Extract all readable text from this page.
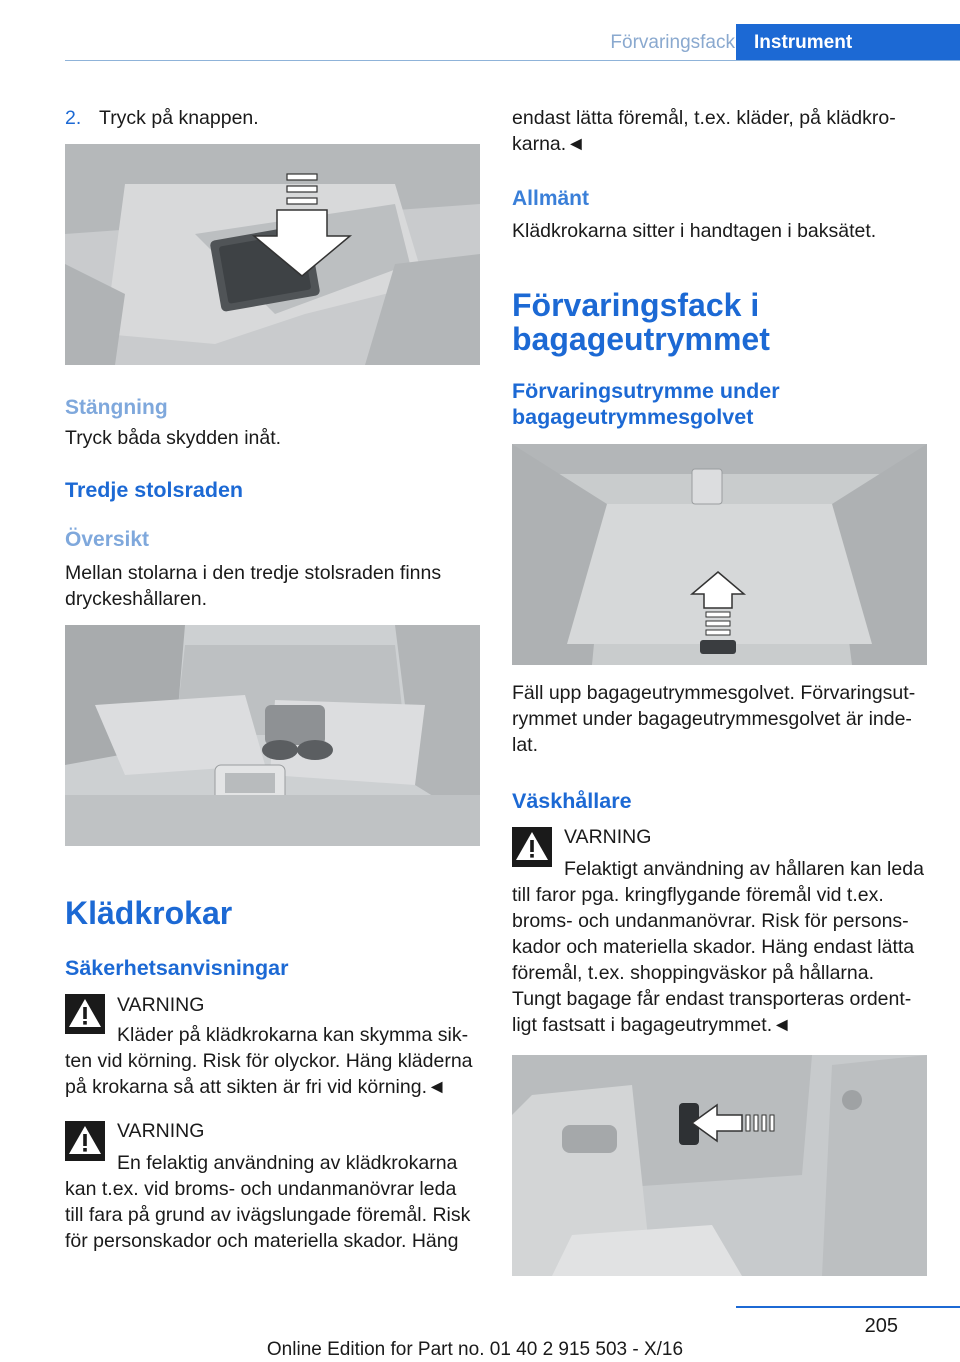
Förvaringsfack	Instrument
2. Tryck på knappen.
Stängning
Tryck båda skydden inåt.
Tredje stolsraden
Översikt
Mellan stolarna i den tredje stolsraden finns
dryckeshållaren.
Klädkrokar
Säkerhetsanvisningar
VARNING
Kläder på klädkrokarna kan skymma sik-
ten vid körning. Risk för olyckor. Häng kläderna
på krokarna så att sikten är fri vid körning.◄
VARNING
En felaktig användning av klädkrokarna
kan t.ex. vid broms- och undanmanövrar leda
till fara på grund av ivägslungade föremål. Risk
för personskador och materiella skador. Häng
endast lätta föremål, t.ex. kläder, på klädkro-
karna.◄
Allmänt
Klädkrokarna sitter i handtagen i baksätet.
Förvaringsfack i
bagageutrymmet
Förvaringsutrymme under
bagageutrymmesgolvet
Fäll upp bagageutrymmesgolvet. Förvaringsut-
rymmet under bagageutrymmesgolvet är inde-
lat.
Väskhållare
VARNING
Felaktigt användning av hållaren kan leda
till faror pga. kringflygande föremål vid t.ex.
broms- och undanmanövrar. Risk för persons-
kador och materiella skador. Häng endast lätta
föremål, t.ex. shoppingväskor på hållarna.
Tungt bagage får endast transporteras ordent-
ligt fastsatt i bagageutrymmet.◄
205
Online Edition for Part no. 01 40 2 915 503 - X/16
